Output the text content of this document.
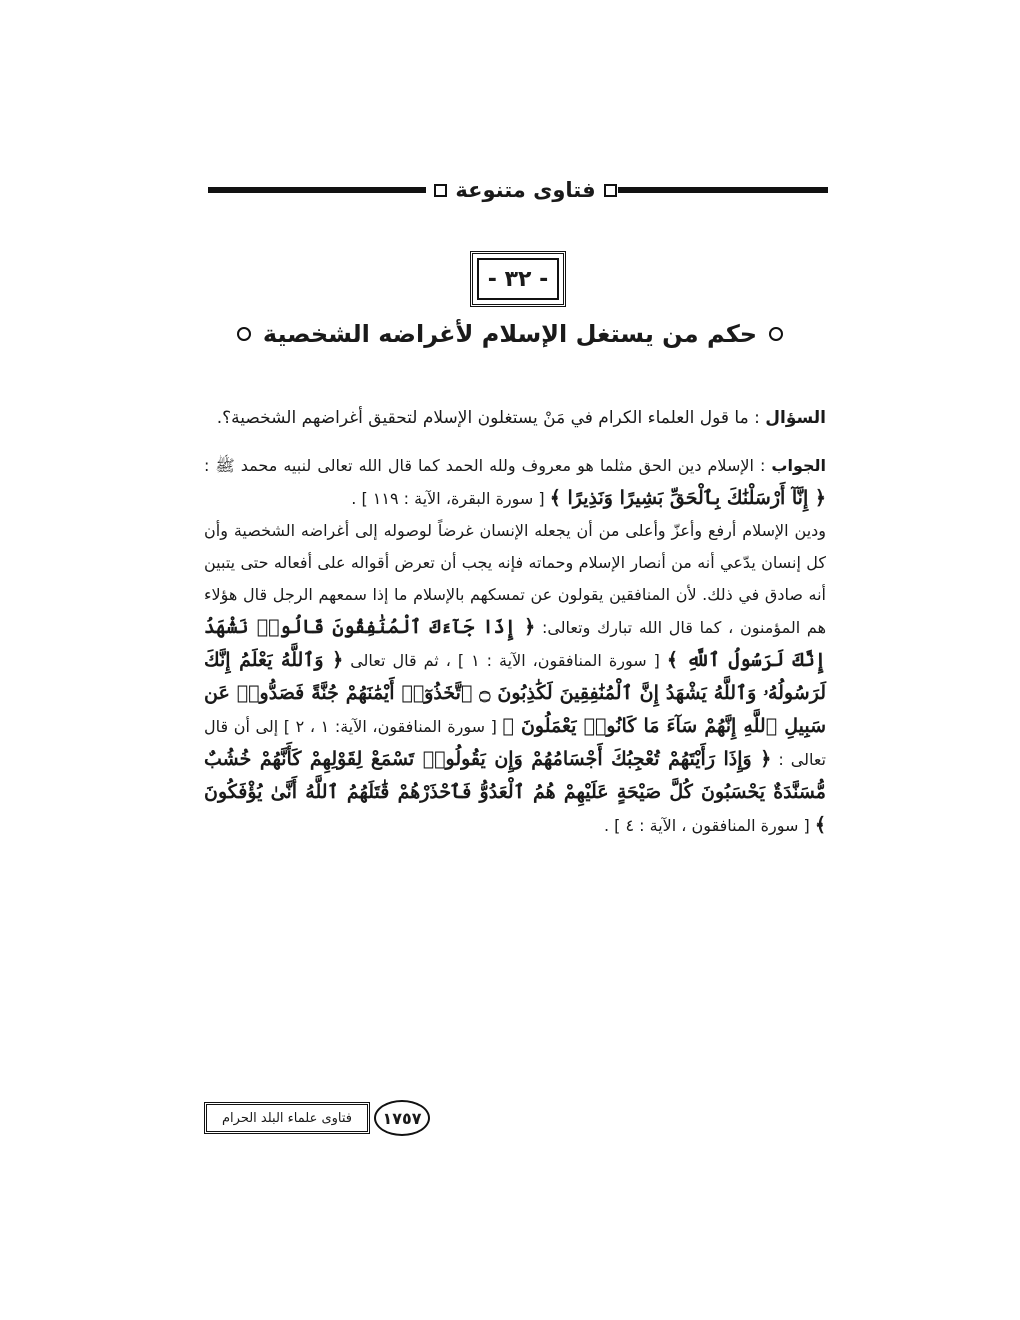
فتاوى متنوعة
- ٣٢ -
حكم من يستغل الإسلام لأغراضه الشخصية

السؤال : ما قول العلماء الكرام في مَنْ يستغلون الإسلام لتحقيق أغراضهم الشخصية؟.

الجواب : الإسلام دين الحق مثلما هو معروف ولله الحمد كما قال الله تعالى لنبيه محمد ﷺ : ﴿ إِنَّآ أَرْسَلْنَٰكَ بِٱلْحَقِّ بَشِيرًا وَنَذِيرًا ﴾ [ سورة البقرة، الآية : ١١٩ ] .

ودين الإسلام أرفع وأعزّ وأعلى من أن يجعله الإنسان غرضاً لوصوله إلى أغراضه الشخصية وأن كل إنسان يدّعي أنه من أنصار الإسلام وحماته فإنه يجب أن تعرض أقواله على أفعاله حتى يتبين أنه صادق في ذلك. لأن المنافقين يقولون عن تمسكهم بالإسلام ما إذا سمعهم الرجل قال هؤلاء هم المؤمنون ، كما قال الله تبارك وتعالى: ﴿ إِذَا جَآءَكَ ٱلْمُنَٰفِقُونَ قَالُوا۟ نَشْهَدُ إِنَّكَ لَرَسُولُ ٱللَّهِ ﴾ [ سورة المنافقون، الآية : ١ ] ، ثم قال تعالى ﴿ وَٱللَّهُ يَعْلَمُ إِنَّكَ لَرَسُولُهُۥ وَٱللَّهُ يَشْهَدُ إِنَّ ٱلْمُنَٰفِقِينَ لَكَٰذِبُونَ ۝ ٱتَّخَذُوٓا۟ أَيْمَٰنَهُمْ جُنَّةً فَصَدُّوا۟ عَن سَبِيلِ ٱللَّهِ إِنَّهُمْ سَآءَ مَا كَانُوا۟ يَعْمَلُونَ ﴾ [ سورة المنافقون، الآية: ١ ، ٢ ] إلى أن قال تعالى : ﴿ وَإِذَا رَأَيْتَهُمْ تُعْجِبُكَ أَجْسَامُهُمْ وَإِن يَقُولُوا۟ تَسْمَعْ لِقَوْلِهِمْ كَأَنَّهُمْ خُشُبٌ مُّسَنَّدَةٌ يَحْسَبُونَ كُلَّ صَيْحَةٍ عَلَيْهِمْ هُمُ ٱلْعَدُوُّ فَٱحْذَرْهُمْ قَٰتَلَهُمُ ٱللَّهُ أَنَّىٰ يُؤْفَكُونَ ﴾ [ سورة المنافقون ، الآية : ٤ ] .

فتاوى علماء البلد الحرام	١٧٥٧
